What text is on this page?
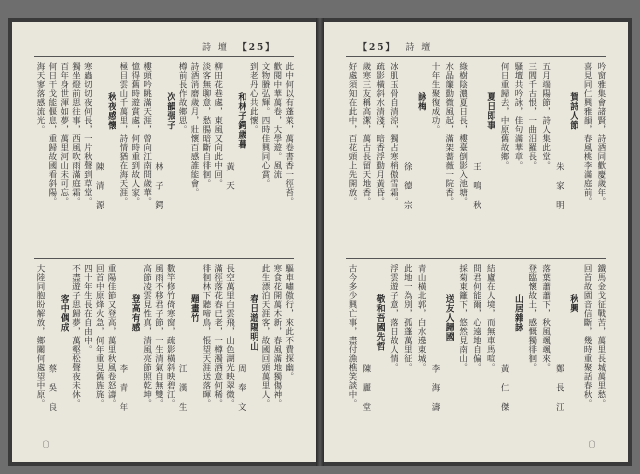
詩 壇 【25】
此中何以有蓬萊，萬卷書香一徑苔。
歡閱中華萬卷，大學遊。風流
文物賸弘輝。四時佳興同心賞。
到老丹心共此懷。
和林子鍔歲暮
黃 天
柳田花巷處，東風又向此中回。
淡客無聊意，愁腸暗斷自徘徊。
詩酒消磨歲月，壯懷百感誰能會。
樽前長作故鄉思。
次韻張子
林 子 鍔
樓頭吟眺滿天涯，曾向江南問歲華。
憶得舊時遊賞處，何時重到故人家。
極目雲山千萬里，詩情猶在海天涯。
秋夜感懷
陳 清 源
寒蟲切切夜何長，一片秋聲到草堂。
獨坐燈前思往事，西風吹雨滿庭霜。
百年身世渾如夢，萬里河山未可忘。
何日干戈能偃息，重歸故國看斜陽。
海天寥落感流光。
驅車嘯傲行，來此不費探幽。
寒食花開萬木新，春風滿地獨傷神。
此生漂泊天涯客，故國回頭萬里人。
春日遊陽明山
周 奉 文
長空萬里白雲飛，山色湖光映翠微。
滿徑落花春已老，一樽濁酒意何稀。
徘徊林下聽啼鳥，悵望天涯送落暉。
題畫竹
江 漢 生
數竿修竹倚寒窗，疏影橫斜映碧江。
風雨不移君子節，一生清氣自無雙。
高節凌雲見性真，清風亮節照乾坤。
登高有感
李 青 年
重陽佳節又登高，萬里秋風卷怒濤。
回首中原烽火急，何年重見舊旌旄。
四十年生長在自由中。
不盡遊子思歸夢，萬壑松聲夜未休。
客中偶成
蔡 吳 良
大陸同胞盼解放，鄉關何處望中原。
〔〕
【25】 詩 壇
吟窗雅集會諸賢，詩酒同歡慶歲年。
喜見同仁興雅韻，春風桃李滿庭前。
賀詩人節
朱 家 明
五月端陽節，詩人集此堂。
三閭千古恨，一曲汨羅長。
騷壇共吟詠，佳句滿華章。
何日重歸去，中原舊故鄉。
夏日即事
王 鳴 秋
綠樹陰濃夏日長，樓臺倒影入池塘。
水晶簾動微風起，滿架薔薇一院香。
十年生聚復成功。
詠梅
徐 德 宗
冰肌玉骨自清涼，獨占寒梢傲雪霜。
疏影橫斜水清淺，暗香浮動月黃昏。
歲寒三友稱高潔，萬古長留天地香。
好處須知在此中，百花頭上先開放。
鐵馬金戈征戰苦，萬里長城萬里愁。
回首故園音信斷，幾時重聚話春秋。
秋興
鄭 長 江
落葉蕭蕭下，秋風颯颯來。
登臨懷故土，感慨獨徘徊。
山居雜詠
黃 仁 傑
結廬在人境，而無車馬喧。
問君何能爾，心遠地自偏。
採菊東籬下，悠然見南山。
送友人歸國
李 海 濤
青山橫北郭，白水遶東城。
此地一為別，孤蓬萬里征。
浮雲遊子意，落日故人情。
敬和吾國先哲
陳 麗 堂
古今多少興亡事，盡付漁樵笑談中。
〔〕
